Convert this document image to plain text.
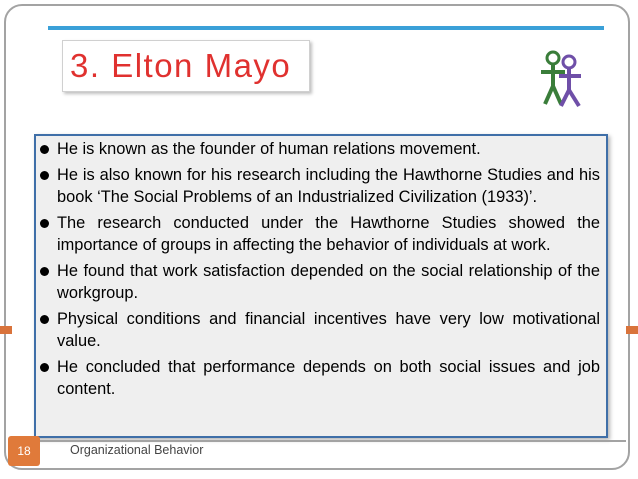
3. Elton Mayo
He is known as the founder of human relations movement.
He is also known for his research including the Hawthorne Studies and his book ‘The Social Problems of an Industrialized Civilization (1933)’.
The research conducted under the Hawthorne Studies showed the importance of groups in affecting the behavior of individuals at work.
He found that work satisfaction depended on the social relationship of the workgroup.
Physical conditions and financial incentives have very low motivational value.
He concluded that performance depends on both social issues and job content.
18	Organizational Behavior
